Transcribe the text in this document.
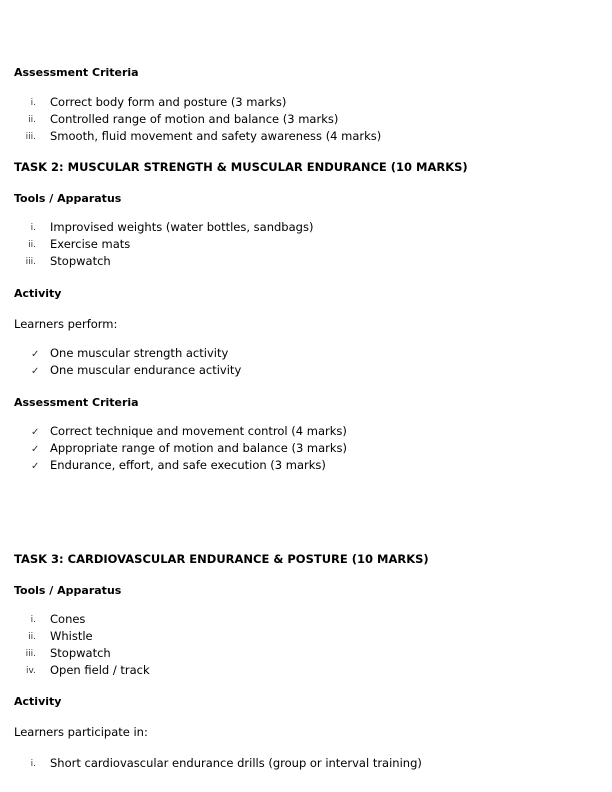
Assessment Criteria

i. Correct body form and posture (3 marks)
ii. Controlled range of motion and balance (3 marks)
iii. Smooth, fluid movement and safety awareness (4 marks)

TASK 2: MUSCULAR STRENGTH & MUSCULAR ENDURANCE (10 MARKS)

Tools / Apparatus

i. Improvised weights (water bottles, sandbags)
ii. Exercise mats
iii. Stopwatch

Activity

Learners perform:

✓ One muscular strength activity
✓ One muscular endurance activity

Assessment Criteria

✓ Correct technique and movement control (4 marks)
✓ Appropriate range of motion and balance (3 marks)
✓ Endurance, effort, and safe execution (3 marks)

TASK 3: CARDIOVASCULAR ENDURANCE & POSTURE (10 MARKS)

Tools / Apparatus

i. Cones
ii. Whistle
iii. Stopwatch
iv. Open field / track

Activity

Learners participate in:

i. Short cardiovascular endurance drills (group or interval training)
